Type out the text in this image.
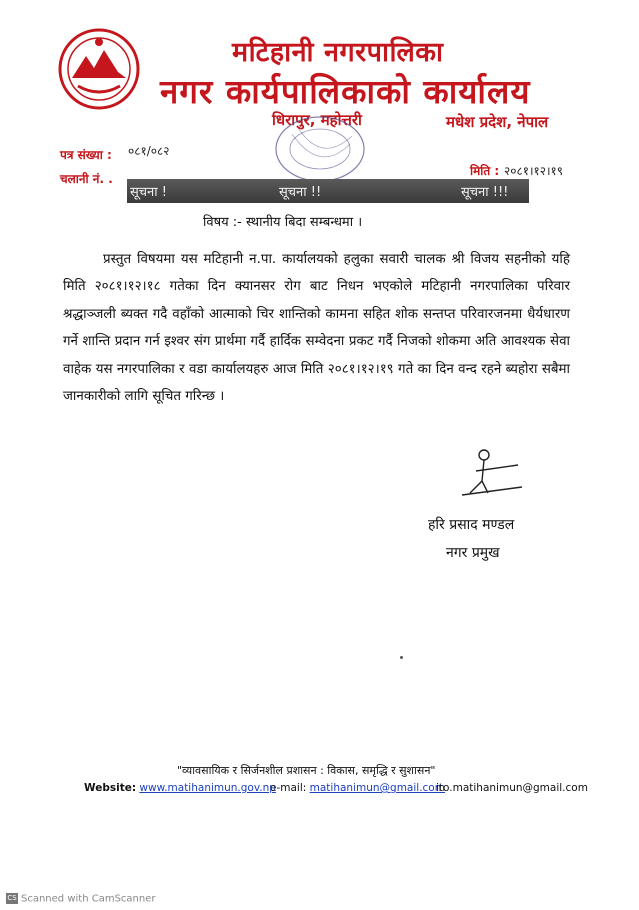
मटिहानी नगरपालिका
नगर कार्यपालिकाको कार्यालय
धिरापुर, महोत्तरी	मधेश प्रदेश, नेपाल
पत्र संख्या : ०८१/०८२
चलानी नं. .
मिति : २०८१।१२।१९
सूचना !	सूचना !!	सूचना !!!
विषय :- स्थानीय बिदा सम्बन्धमा ।
प्रस्तुत विषयमा यस मटिहानी न.पा. कार्यालयको हलुका सवारी चालक श्री विजय सहनीको यहि मिति २०८१।१२।१८ गतेका दिन क्यानसर रोग बाट निधन भएकोले मटिहानी नगरपालिका परिवार श्रद्धाञ्जली ब्यक्त गदै वहाँको आत्माको चिर शान्तिको कामना सहित शोक सन्तप्त परिवारजनमा धैर्यधारण गर्ने शान्ति प्रदान गर्न इश्वर संग प्रार्थमा गर्दै हार्दिक सम्वेदना प्रकट गर्दै निजको शोकमा अति आवश्यक सेवा वाहेक यस नगरपालिका र वडा कार्यालयहरु आज मिति २०८१।१२।१९ गते का दिन वन्द रहने ब्यहोरा सबैमा जानकारीको लागि सूचित गरिन्छ ।
हरि प्रसाद मण्डल
नगर प्रमुख
"व्यावसायिक र सिर्जनशील प्रशासन : विकास, समृद्धि र सुशासन"
Website: www.matihanimun.gov.np
e-mail: matihanimun@gmail.com
ito.matihanimun@gmail.com
CS Scanned with CamScanner
